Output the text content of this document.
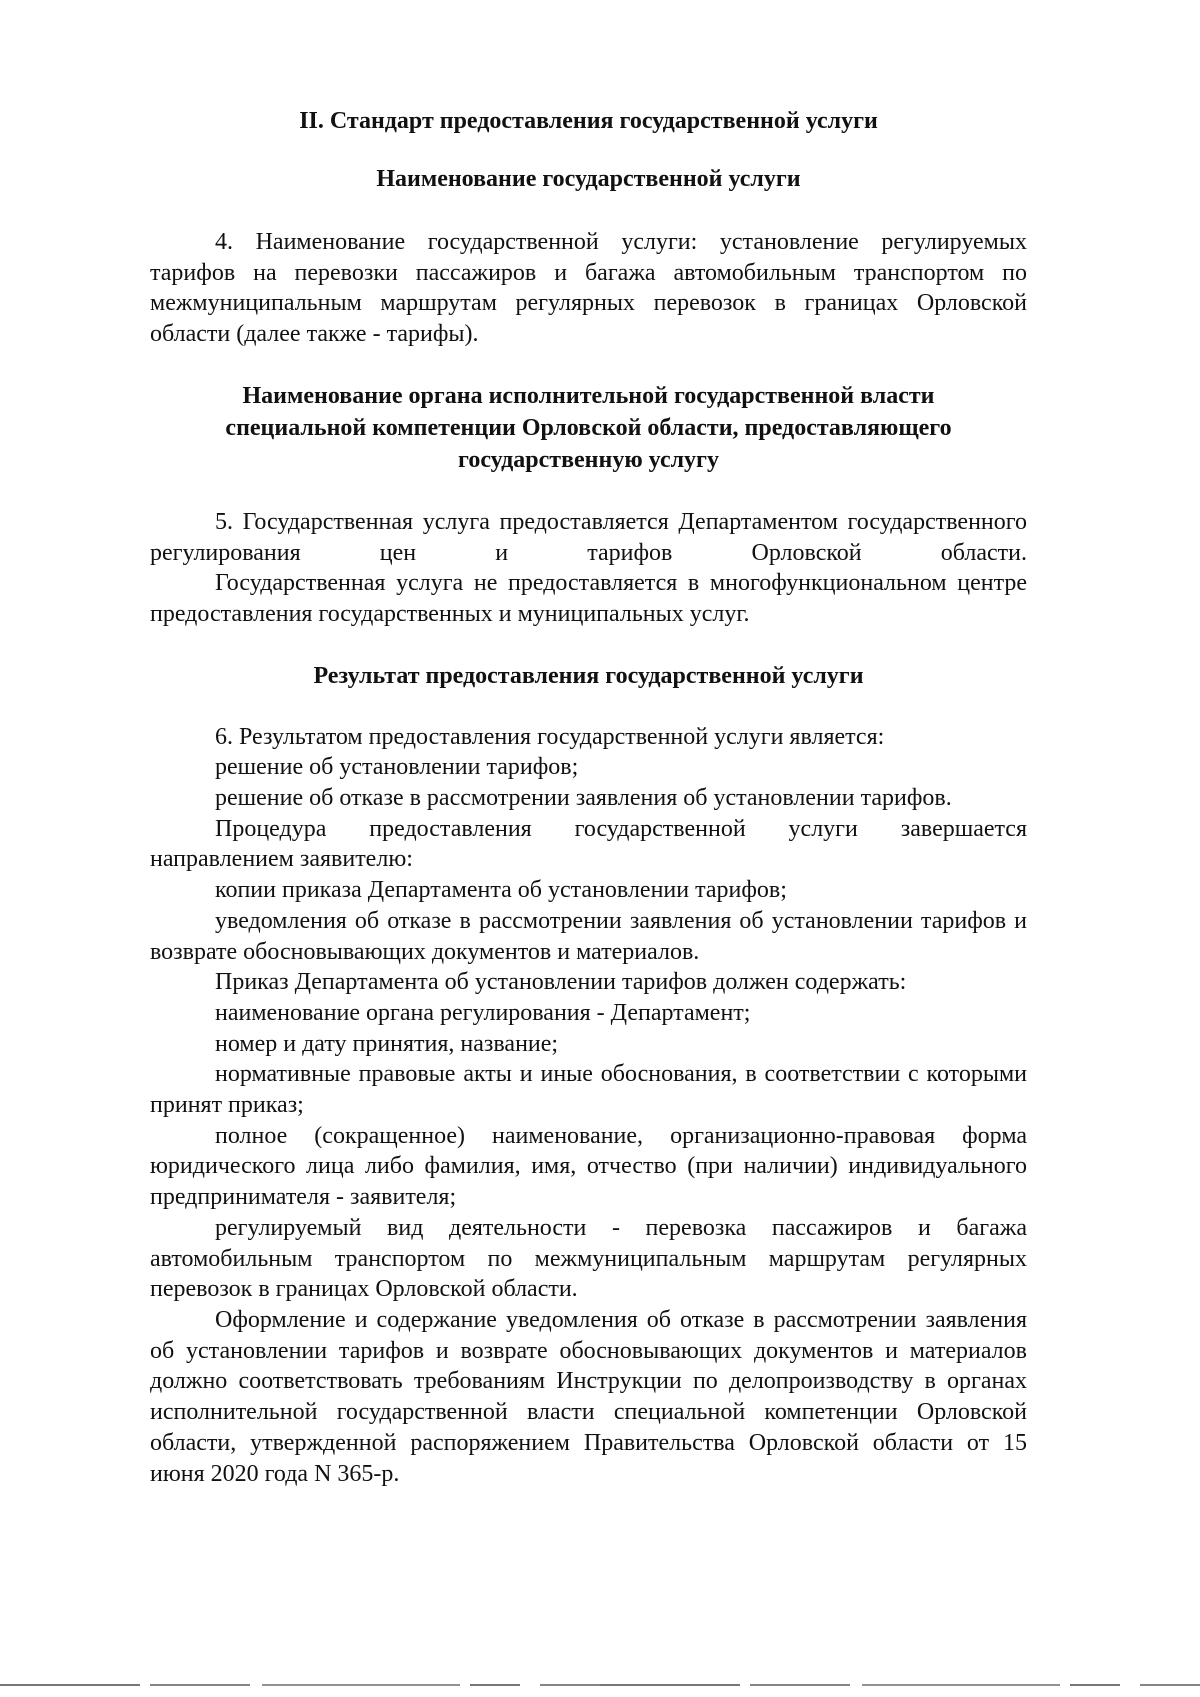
II. Стандарт предоставления государственной услуги
Наименование государственной услуги

4. Наименование государственной услуги: установление регулируемых тарифов на перевозки пассажиров и багажа автомобильным транспортом по межмуниципальным маршрутам регулярных перевозок в границах Орловской области (далее также - тарифы).

Наименование органа исполнительной государственной власти специальной компетенции Орловской области, предоставляющего государственную услугу

5. Государственная услуга предоставляется Департаментом государственного регулирования цен и тарифов Орловской области.

Государственная услуга не предоставляется в многофункциональном центре предоставления государственных и муниципальных услуг.

Результат предоставления государственной услуги

6. Результатом предоставления государственной услуги является:

решение об установлении тарифов;

решение об отказе в рассмотрении заявления об установлении тарифов.

Процедура предоставления государственной услуги завершается направлением заявителю:

копии приказа Департамента об установлении тарифов;

уведомления об отказе в рассмотрении заявления об установлении тарифов и возврате обосновывающих документов и материалов.

Приказ Департамента об установлении тарифов должен содержать:

наименование органа регулирования - Департамент;

номер и дату принятия, название;

нормативные правовые акты и иные обоснования, в соответствии с которыми принят приказ;

полное (сокращенное) наименование, организационно-правовая форма юридического лица либо фамилия, имя, отчество (при наличии) индивидуального предпринимателя - заявителя;

регулируемый вид деятельности - перевозка пассажиров и багажа автомобильным транспортом по межмуниципальным маршрутам регулярных перевозок в границах Орловской области.

Оформление и содержание уведомления об отказе в рассмотрении заявления об установлении тарифов и возврате обосновывающих документов и материалов должно соответствовать требованиям Инструкции по делопроизводству в органах исполнительной государственной власти специальной компетенции Орловской области, утвержденной распоряжением Правительства Орловской области от 15 июня 2020 года N 365-р.
